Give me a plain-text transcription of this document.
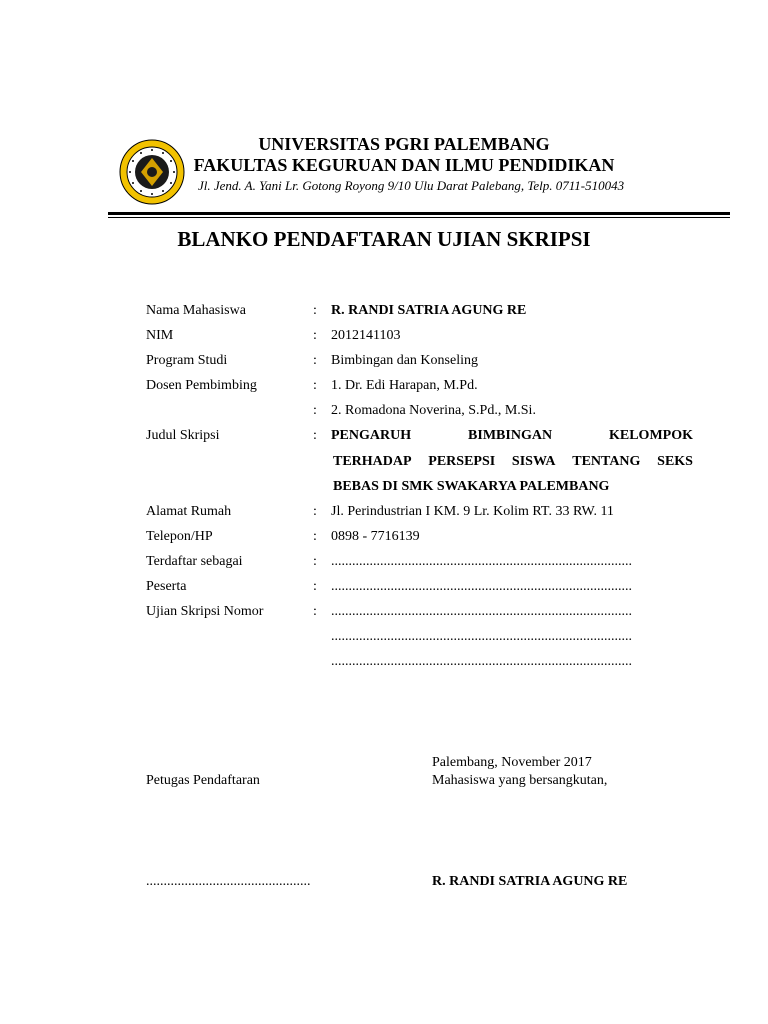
UNIVERSITAS PGRI PALEMBANG
FAKULTAS KEGURUAN DAN ILMU PENDIDIKAN
Jl. Jend. A. Yani Lr. Gotong Royong 9/10 Ulu Darat Palebang, Telp. 0711-510043
BLANKO PENDAFTARAN UJIAN SKRIPSI
Nama Mahasiswa	: R. RANDI SATRIA AGUNG RE
NIM	: 2012141103
Program Studi	: Bimbingan dan Konseling
Dosen Pembimbing	: 1. Dr. Edi Harapan, M.Pd.
: 2. Romadona Noverina, S.Pd., M.Si.
Judul Skripsi	: PENGARUH	BIMBINGAN	KELOMPOK
TERHADAP PERSEPSI SISWA TENTANG SEKS
BEBAS DI SMK SWAKARYA PALEMBANG
Alamat Rumah	: Jl. Perindustrian I KM. 9 Lr. Kolim RT. 33 RW. 11
Telepon/HP	: 0898 - 7716139
Terdaftar sebagai	: ......................................................................................
Peserta	: ......................................................................................
Ujian Skripsi Nomor	: ......................................................................................
......................................................................................
......................................................................................
Palembang, November 2017
Petugas Pendaftaran	Mahasiswa yang bersangkutan,
...............................................	R. RANDI SATRIA AGUNG RE
